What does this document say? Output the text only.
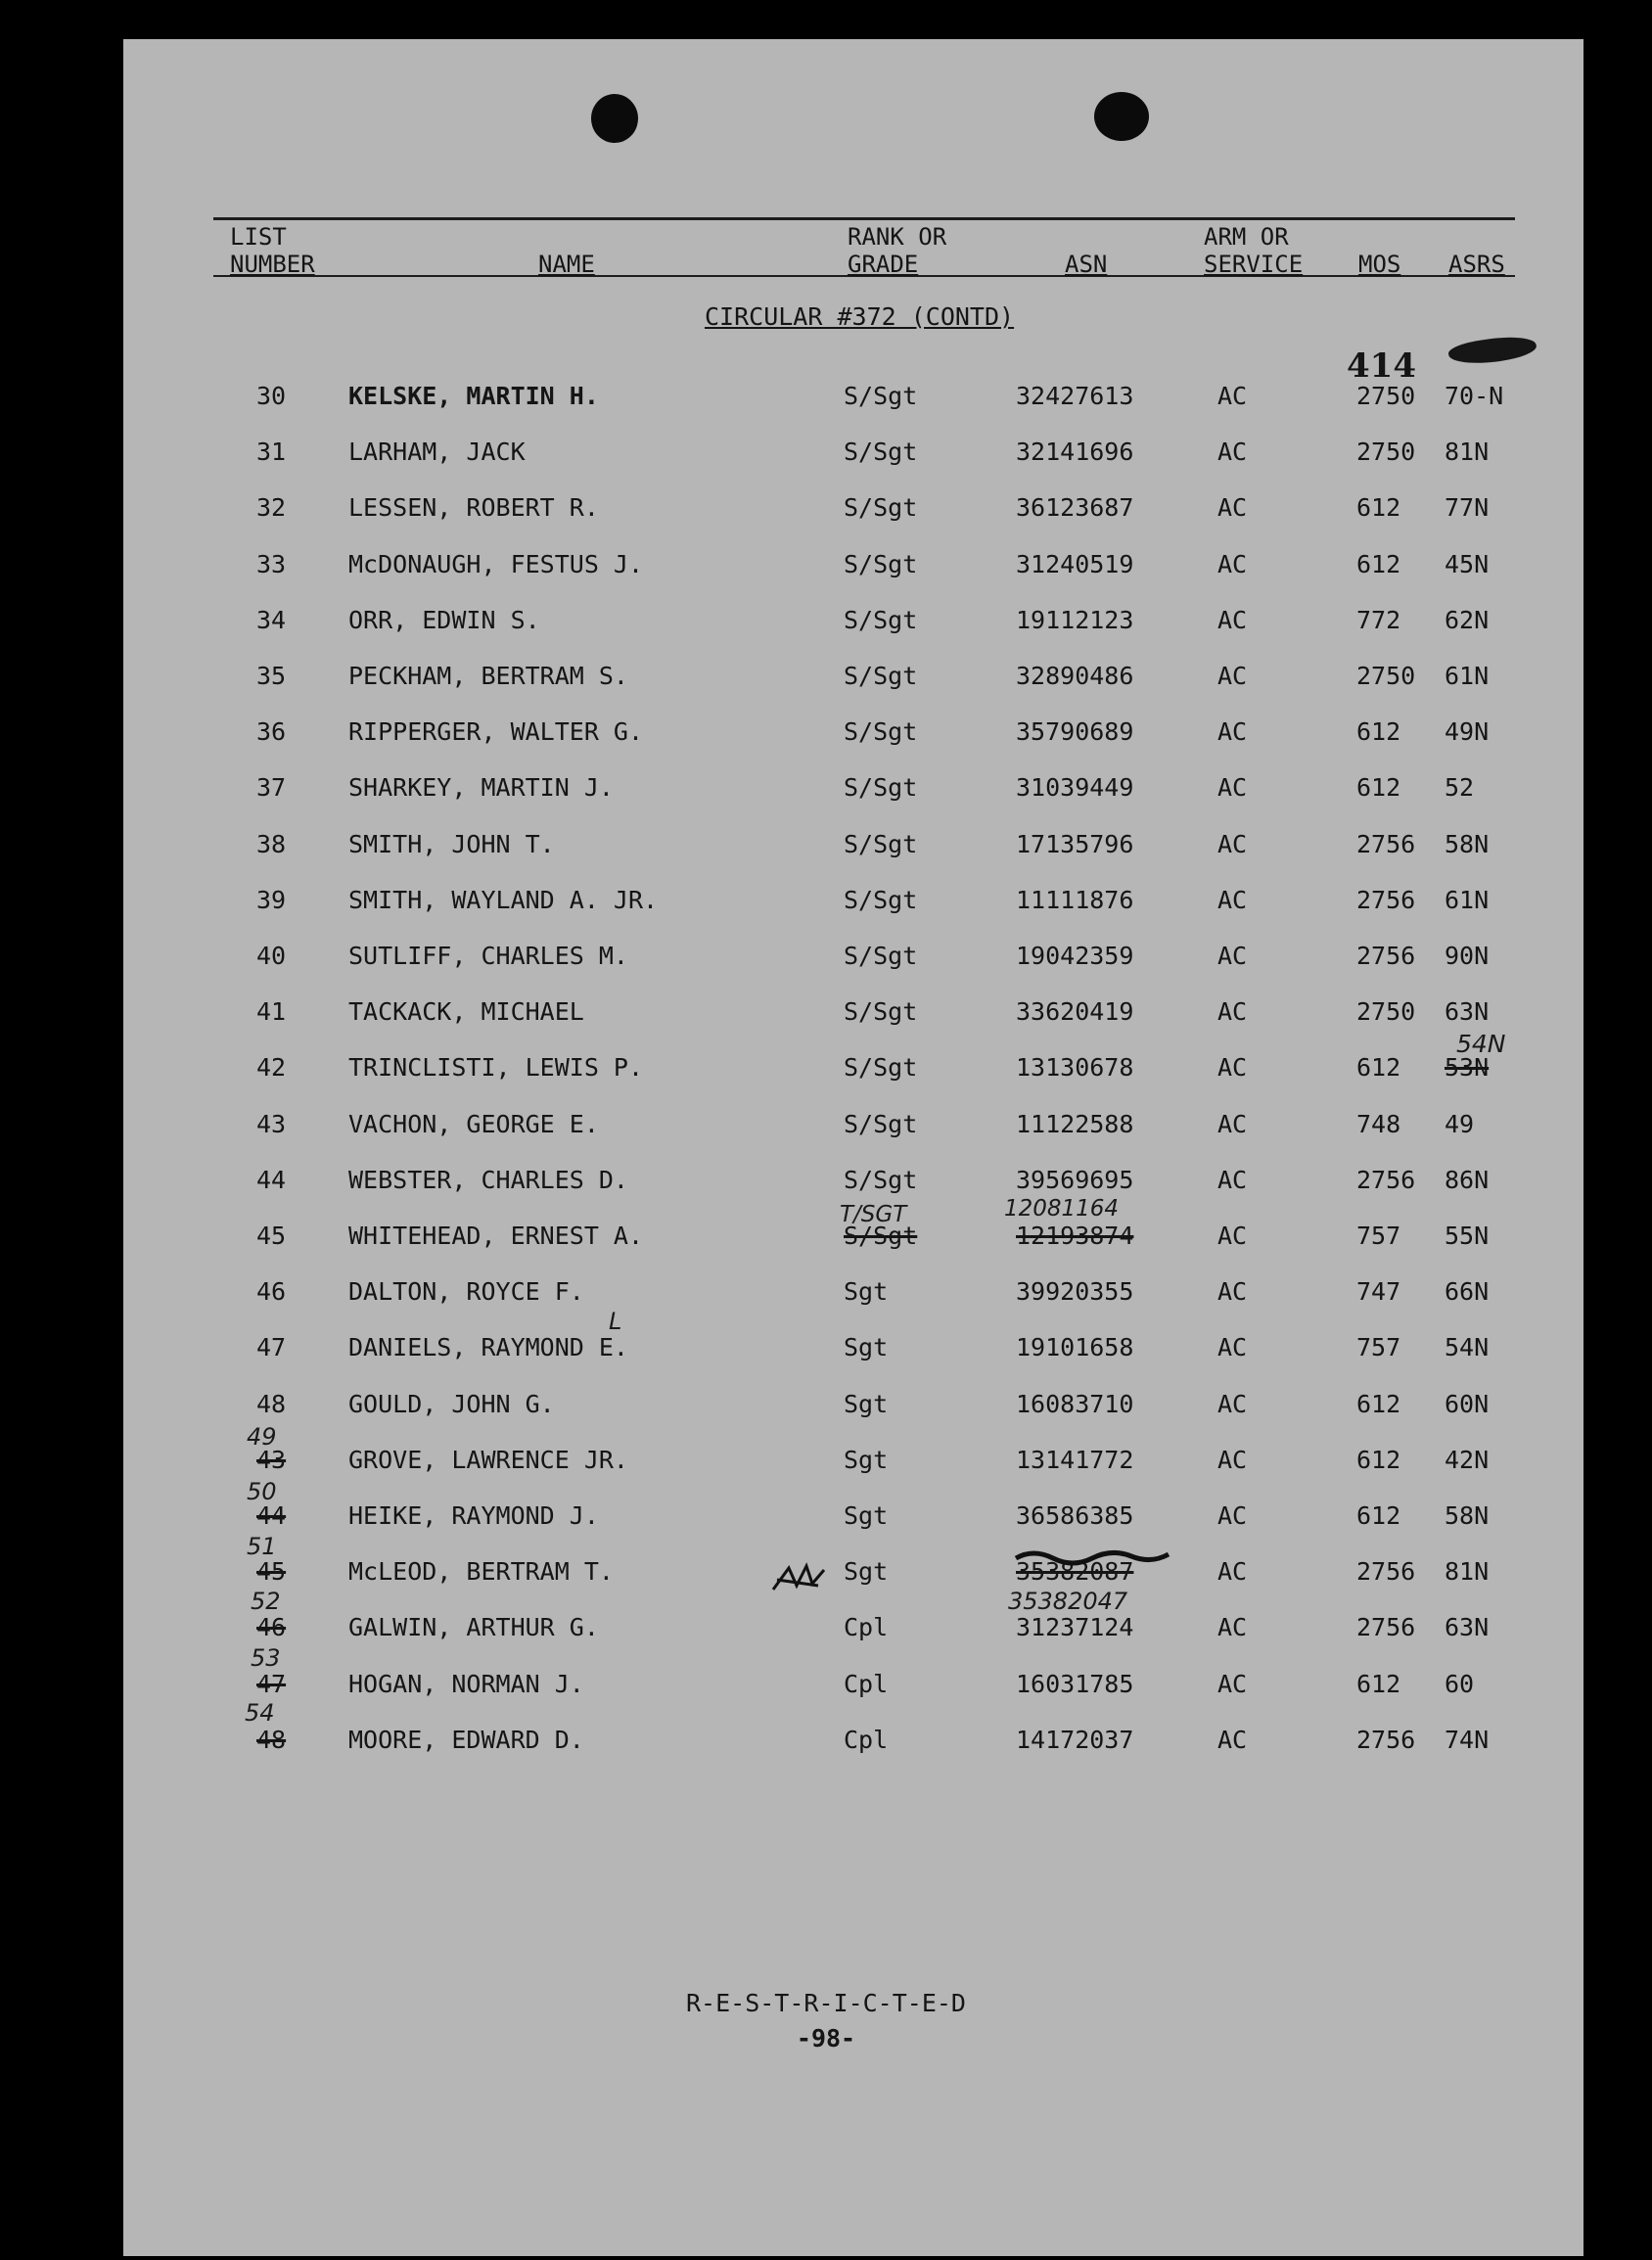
LIST
NUMBER	NAME
RANK OR
GRADE	ASN
ARM OR
SERVICE MOS ASRS
CIRCULAR #372 (CONTD)
414
30	KELSKE, MARTIN H.	S/Sgt	32427613	AC	2750 70-N
31	LARHAM, JACK	S/Sgt	32141696	AC	2750 81N
32	LESSEN, ROBERT R.	S/Sgt	36123687	AC	612 77N
33	McDONAUGH, FESTUS J.	S/Sgt	31240519	AC	612 45N
34	ORR, EDWIN S.	S/Sgt	19112123	AC	772 62N
35	PECKHAM, BERTRAM S.	S/Sgt	32890486	AC	2750 61N
36	RIPPERGER, WALTER G.	S/Sgt	35790689	AC	612 49N
37	SHARKEY, MARTIN J.	S/Sgt	31039449	AC	612 52
38	SMITH, JOHN T.	S/Sgt	17135796	AC	2756 58N
39	SMITH, WAYLAND A. JR.	S/Sgt	11111876	AC	2756 61N
40	SUTLIFF, CHARLES M.	S/Sgt	19042359	AC	2756 90N
41	TACKACK, MICHAEL	S/Sgt	33620419	AC	2750 63N
42	TRINCLISTI, LEWIS P.	S/Sgt	13130678	AC	612 53N
43	VACHON, GEORGE E.	S/Sgt	11122588	AC	748 49
44	WEBSTER, CHARLES D.	S/Sgt	39569695	AC	2756 86N
45	WHITEHEAD, ERNEST A.	S/Sgt	12193874	AC	757 55N
46	DALTON, ROYCE F.	Sgt	39920355	AC	747 66N
47	DANIELS, RAYMOND E.	Sgt	19101658	AC	757 54N
48	GOULD, JOHN G.	Sgt	16083710	AC	612 60N
43	GROVE, LAWRENCE JR.	Sgt	13141772	AC	612 42N
44	HEIKE, RAYMOND J.	Sgt	36586385	AC	612 58N
45	McLEOD, BERTRAM T.	Sgt	35382087	AC	2756 81N
46	GALWIN, ARTHUR G.	Cpl	31237124	AC	2756 63N
47	HOGAN, NORMAN J.	Cpl	16031785	AC	612 60
48	MOORE, EDWARD D.	Cpl	14172037	AC	2756 74N
54N
T/SGT	12081164
L
49
50
51
52
53
54
35382047
R-E-S-T-R-I-C-T-E-D
-98-
